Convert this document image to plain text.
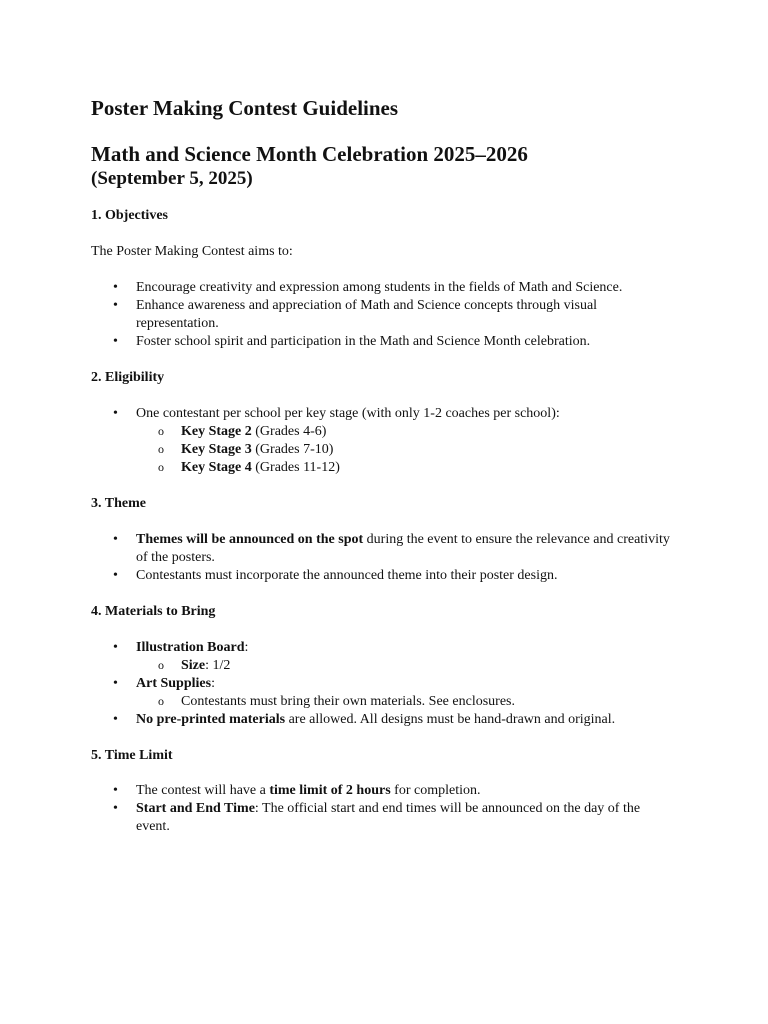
Poster Making Contest Guidelines
Math and Science Month Celebration 2025–2026
(September 5, 2025)
1. Objectives
The Poster Making Contest aims to:
• Encourage creativity and expression among students in the fields of Math and Science.
• Enhance awareness and appreciation of Math and Science concepts through visual representation.
• Foster school spirit and participation in the Math and Science Month celebration.
2. Eligibility
• One contestant per school per key stage (with only 1-2 coaches per school):
o Key Stage 2 (Grades 4-6)
o Key Stage 3 (Grades 7-10)
o Key Stage 4 (Grades 11-12)
3. Theme
• Themes will be announced on the spot during the event to ensure the relevance and creativity of the posters.
• Contestants must incorporate the announced theme into their poster design.
4. Materials to Bring
• Illustration Board:
o Size: 1/2
• Art Supplies:
o Contestants must bring their own materials. See enclosures.
• No pre-printed materials are allowed. All designs must be hand-drawn and original.
5. Time Limit
• The contest will have a time limit of 2 hours for completion.
• Start and End Time: The official start and end times will be announced on the day of the event.
